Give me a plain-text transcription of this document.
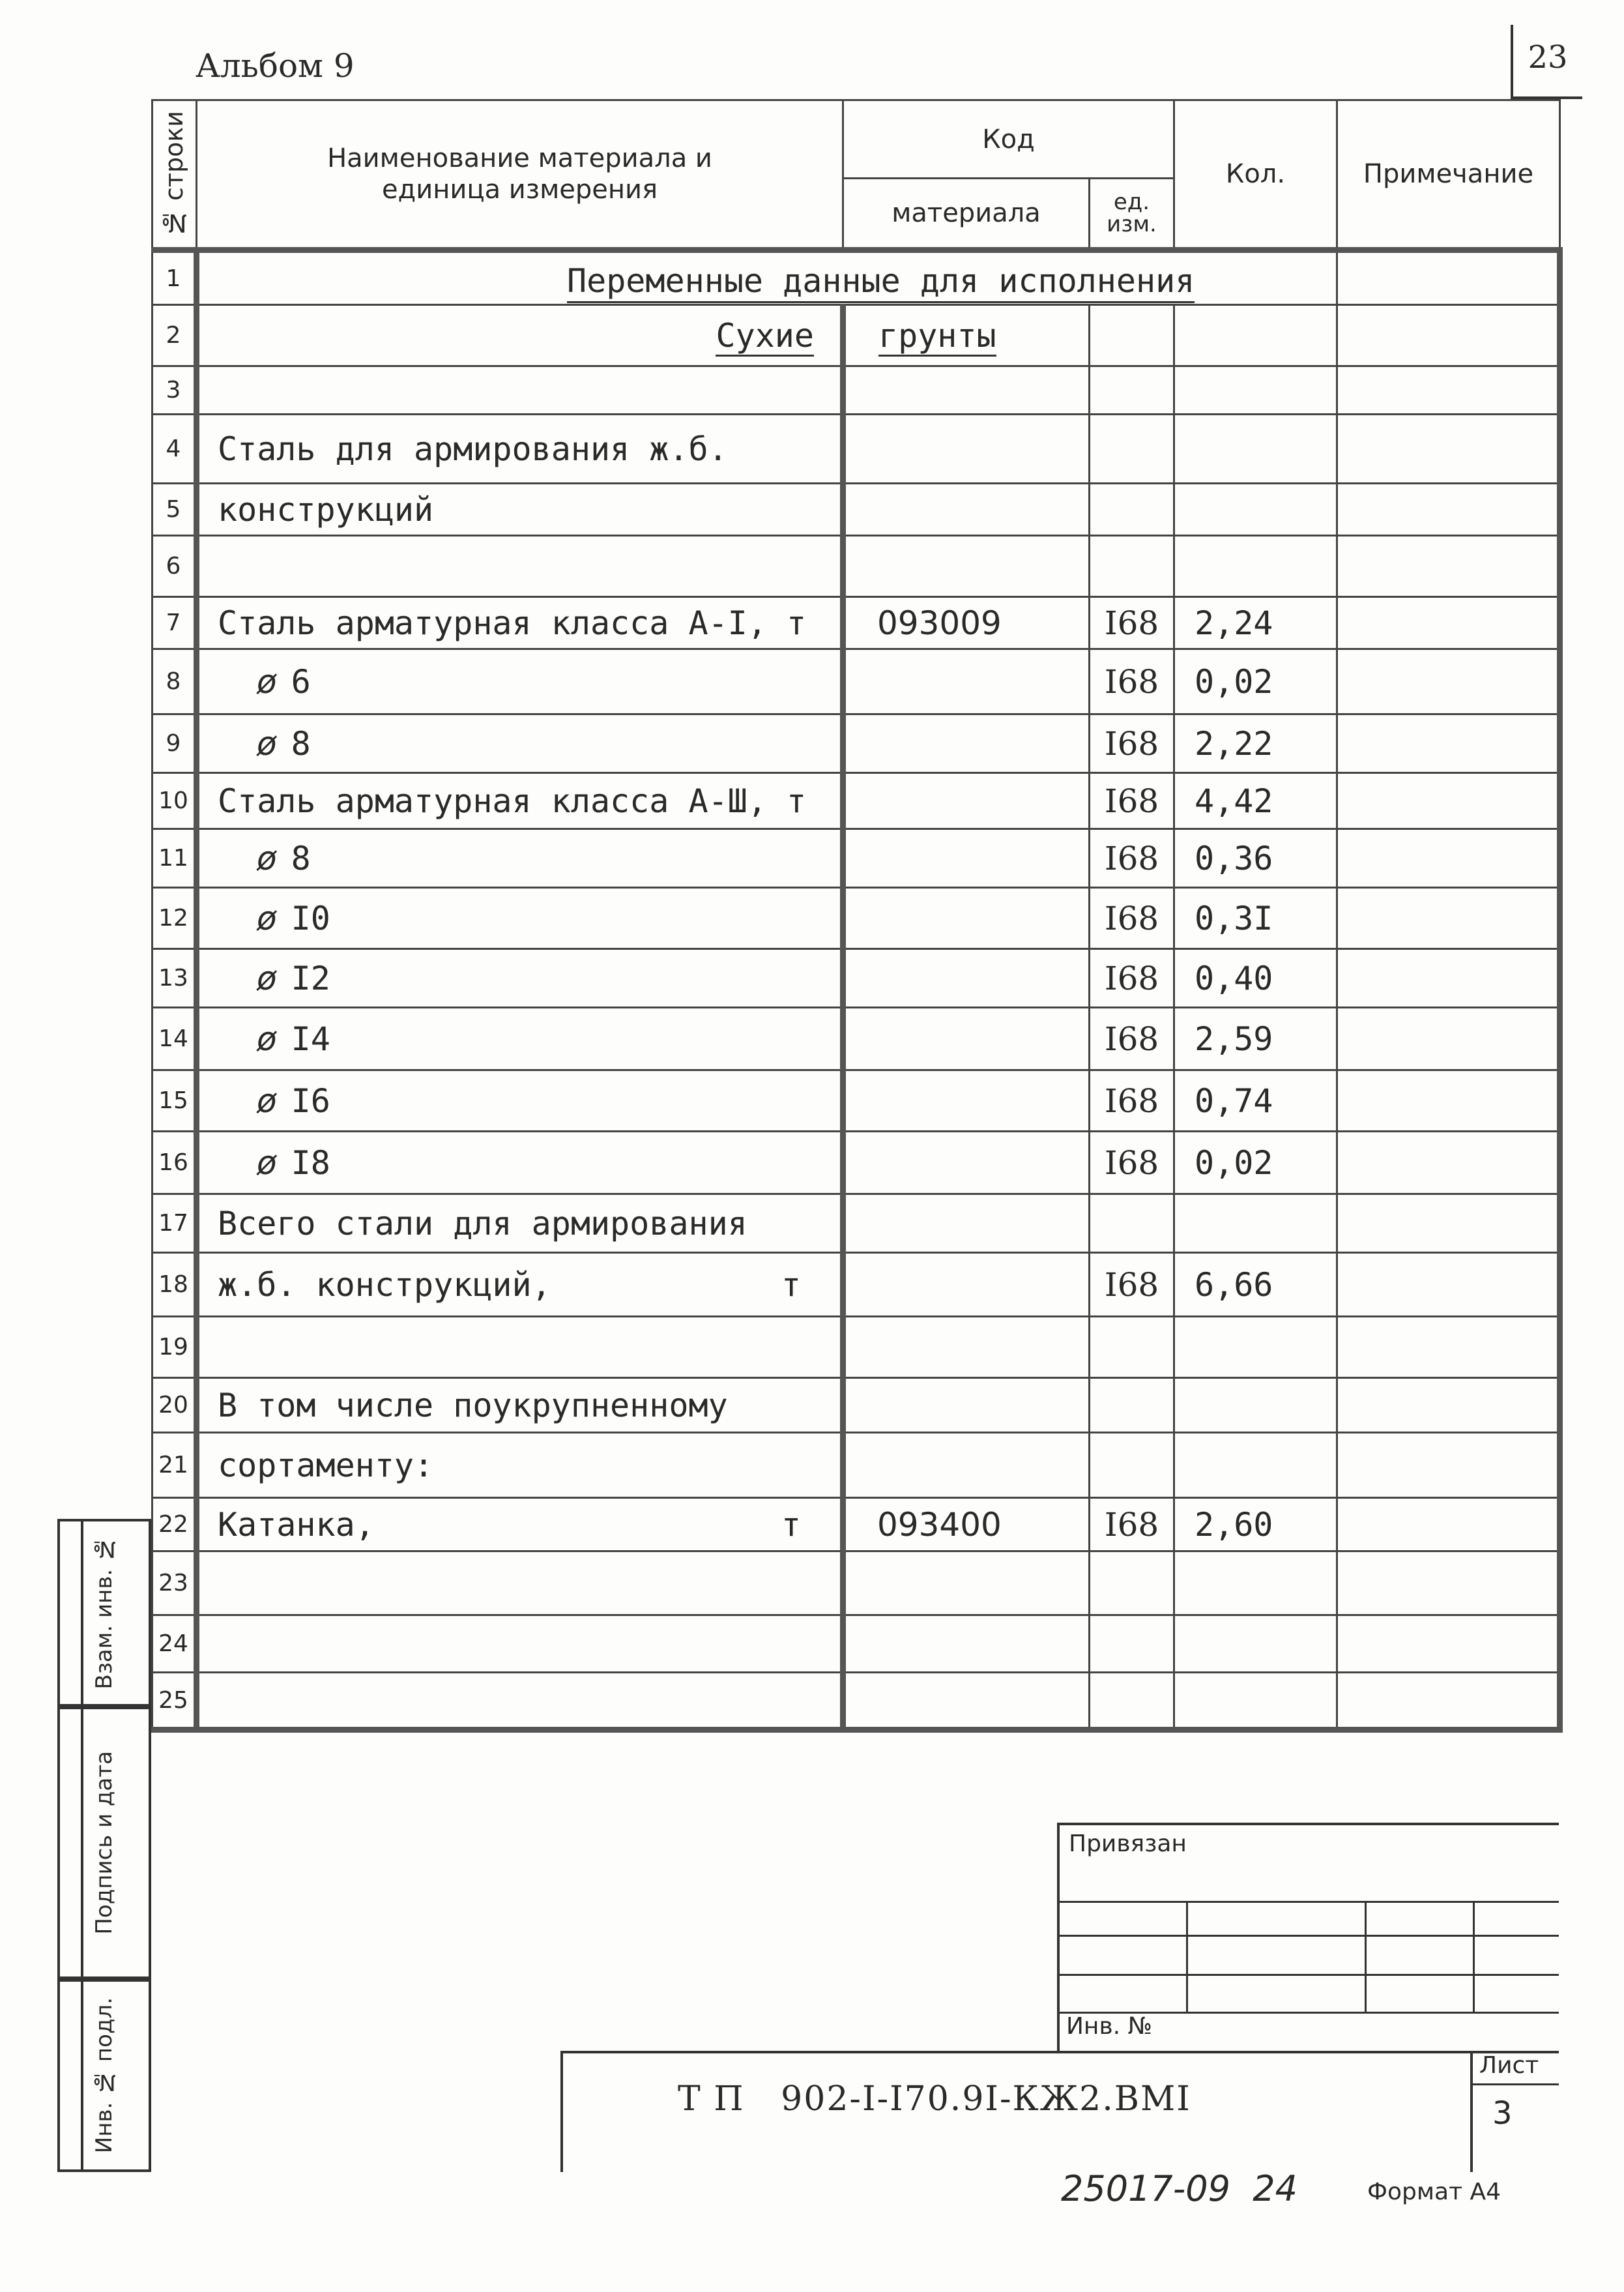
Альбом 9	23
№ строки	Наименование материала и единица измерения	Код		Кол.	Примечание
		материала	ед. изм.		

1	Переменные данные для исполнения				

2	Сухие	грунты			
3					
4	Сталь для армирования ж.б.				
5	конструкций				
6					
7	Сталь арматурная класса А-I, т	093009	I68	2,24	
8	ø 6		I68	0,02	
9	ø 8		I68	2,22	
10	Сталь арматурная класса А-Ш, т		I68	4,42	
11	ø 8		I68	0,36	
12	ø I0		I68	0,3I	
13	ø I2		I68	0,40	
14	ø I4		I68	2,59	
15	ø I6		I68	0,74	
16	ø I8		I68	0,02	
17	Всего стали для армирования				
18	ж.б. конструкций, т		I68	6,66	
19					
20	В том числе поукрупненному				
21	сортаменту:				
22	Катанка, т	093400	I68	2,60	
23					
24					
25					
Взам. инв. №
Подпись и дата
Инв. № подл.
Привязан
Инв. №
Т П   902-I-I70.9I-КЖ2.ВМI
Лист
3
25017-09  24	Формат А4
